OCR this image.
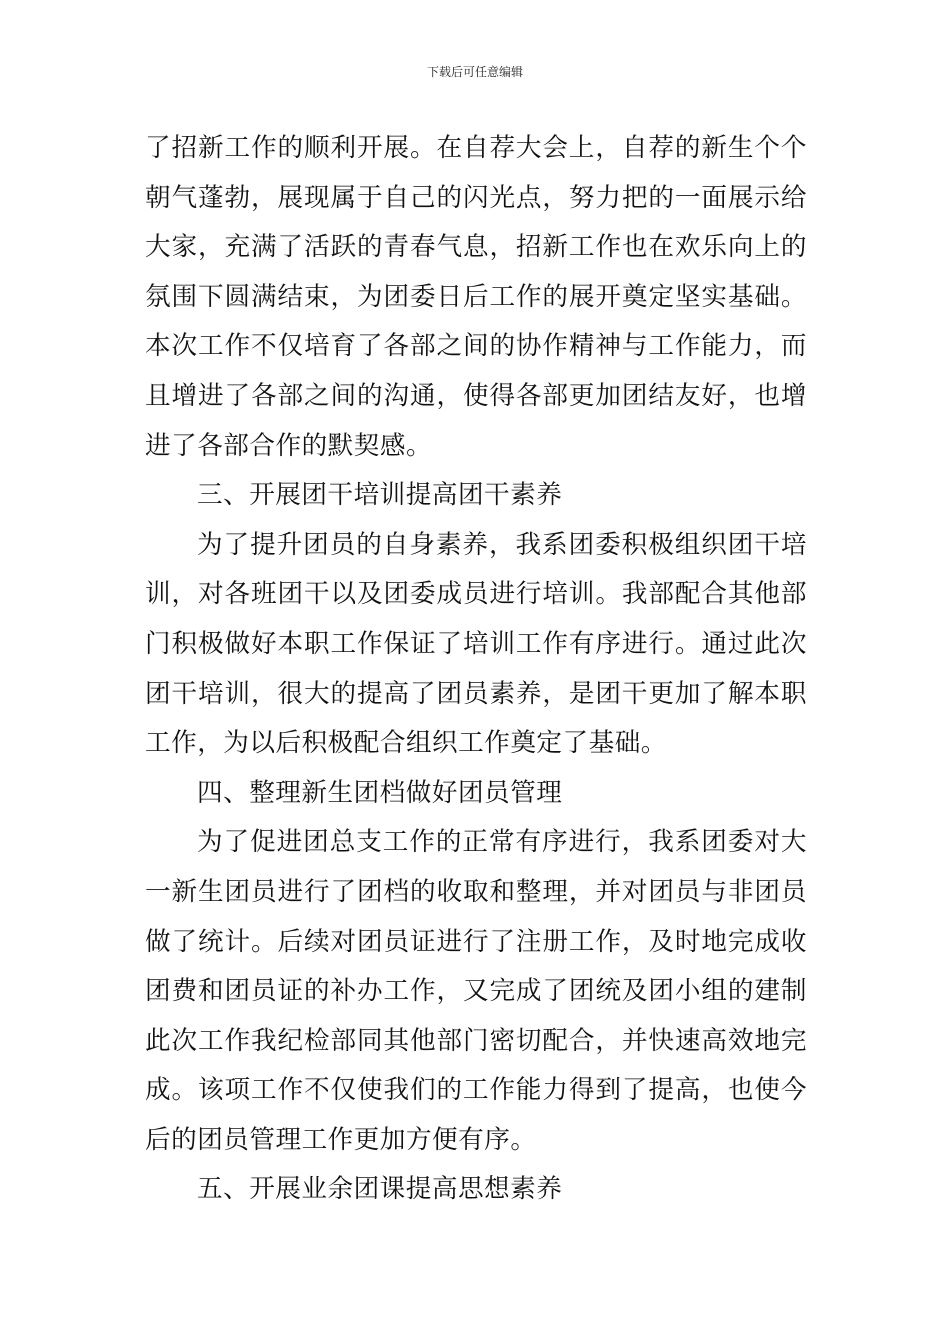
下载后可任意编辑
了招新工作的顺利开展。在自荐大会上，自荐的新生个个
朝气蓬勃，展现属于自己的闪光点，努力把的一面展示给
大家，充满了活跃的青春气息，招新工作也在欢乐向上的
氛围下圆满结束，为团委日后工作的展开奠定坚实基础。
本次工作不仅培育了各部之间的协作精神与工作能力，而
且增进了各部之间的沟通，使得各部更加团结友好，也增
进了各部合作的默契感。
三、开展团干培训提高团干素养
为了提升团员的自身素养，我系团委积极组织团干培
训，对各班团干以及团委成员进行培训。我部配合其他部
门积极做好本职工作保证了培训工作有序进行。通过此次
团干培训，很大的提高了团员素养，是团干更加了解本职
工作，为以后积极配合组织工作奠定了基础。
四、整理新生团档做好团员管理
为了促进团总支工作的正常有序进行，我系团委对大
一新生团员进行了团档的收取和整理，并对团员与非团员
做了统计。后续对团员证进行了注册工作，及时地完成收
团费和团员证的补办工作，又完成了团统及团小组的建制
此次工作我纪检部同其他部门密切配合，并快速高效地完
成。该项工作不仅使我们的工作能力得到了提高，也使今
后的团员管理工作更加方便有序。
五、开展业余团课提高思想素养
